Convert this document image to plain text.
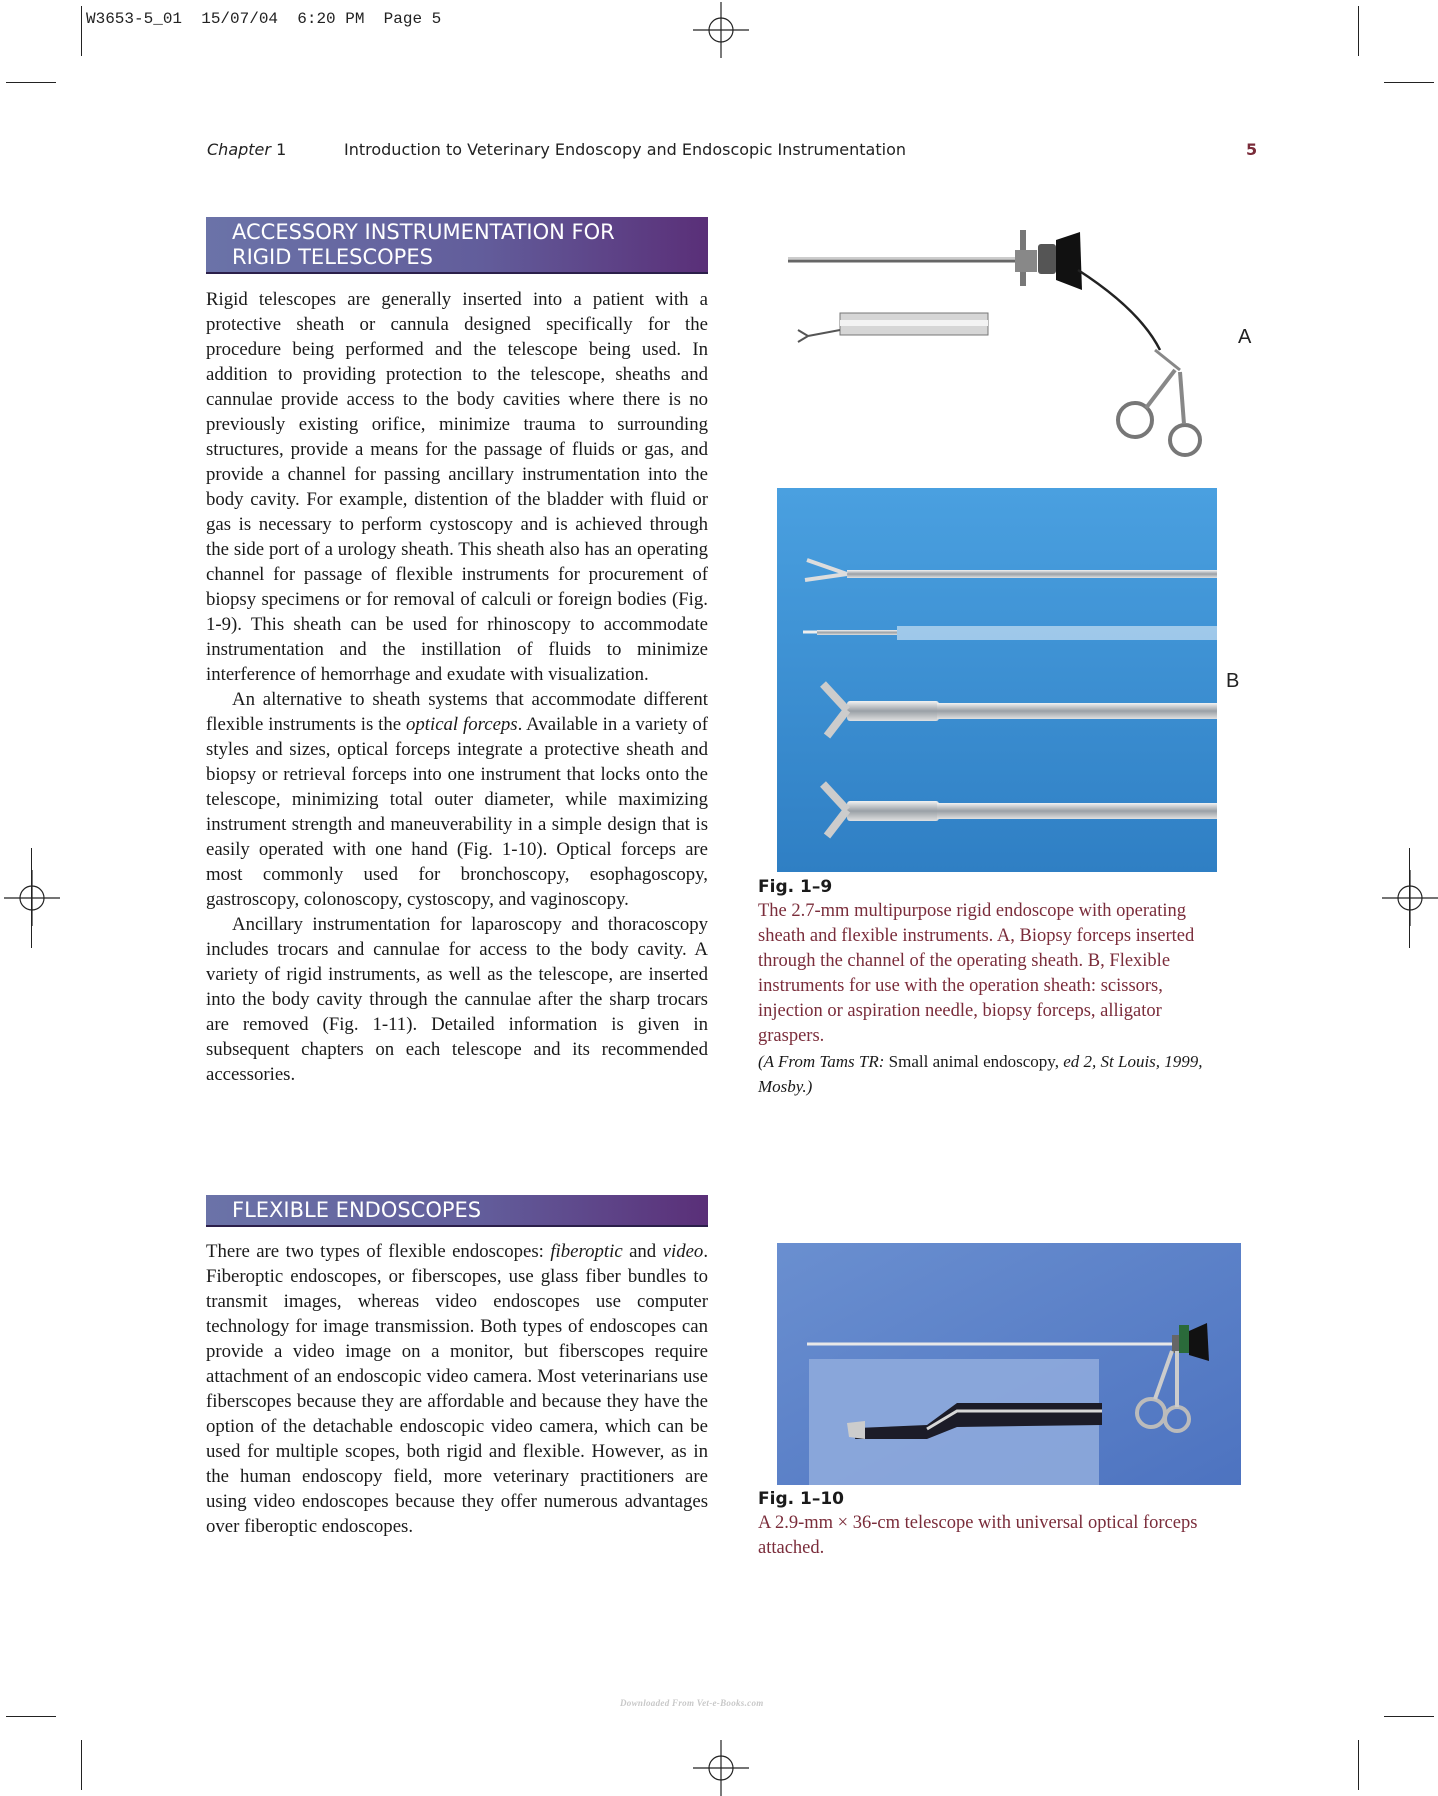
W3653-5_01  15/07/04  6:20 PM  Page 5
Chapter 1	Introduction to Veterinary Endoscopy and Endoscopic Instrumentation	5
ACCESSORY INSTRUMENTATION FOR
RIGID TELESCOPES

Rigid telescopes are generally inserted into a patient with a protective sheath or cannula designed specifically for the procedure being performed and the telescope being used. In addition to providing protection to the telescope, sheaths and cannulae provide access to the body cavities where there is no previously existing orifice, minimize trauma to surrounding structures, provide a means for the passage of fluids or gas, and provide a channel for passing ancillary instrumentation into the body cavity. For example, distention of the bladder with fluid or gas is necessary to perform cystoscopy and is achieved through the side port of a urology sheath. This sheath also has an operating channel for passage of flexible instruments for procurement of biopsy specimens or for removal of calculi or foreign bodies (Fig. 1-9). This sheath can be used for rhinoscopy to accommodate instrumentation and the instillation of fluids to minimize interference of hemorrhage and exudate with visualization.

An alternative to sheath systems that accommodate different flexible instruments is the optical forceps. Available in a variety of styles and sizes, optical forceps integrate a protective sheath and biopsy or retrieval forceps into one instrument that locks onto the telescope, minimizing total outer diameter, while maximizing instrument strength and maneuverability in a simple design that is easily operated with one hand (Fig. 1-10). Optical forceps are most commonly used for bronchoscopy, esophagoscopy, gastroscopy, colonoscopy, cystoscopy, and vaginoscopy.

Ancillary instrumentation for laparoscopy and thoracoscopy includes trocars and cannulae for access to the body cavity. A variety of rigid instruments, as well as the telescope, are inserted into the body cavity through the cannulae after the sharp trocars are removed (Fig. 1-11). Detailed information is given in subsequent chapters on each telescope and its recommended accessories.

FLEXIBLE ENDOSCOPES

There are two types of flexible endoscopes: fiberoptic and video. Fiberoptic endoscopes, or fiberscopes, use glass fiber bundles to transmit images, whereas video endoscopes use computer technology for image transmission. Both types of endoscopes can provide a video image on a monitor, but fiberscopes require attachment of an endoscopic video camera. Most veterinarians use fiberscopes because they are affordable and because they have the option of the detachable endoscopic video camera, which can be used for multiple scopes, both rigid and flexible. However, as in the human endoscopy field, more veterinary practitioners are using video endoscopes because they offer numerous advantages over fiberoptic endoscopes.

A
B
Fig. 1–9
The 2.7-mm multipurpose rigid endoscope with operating sheath and flexible instruments. A, Biopsy forceps inserted through the channel of the operating sheath. B, Flexible instruments for use with the operation sheath: scissors, injection or aspiration needle, biopsy forceps, alligator graspers.
(A From Tams TR: Small animal endoscopy, ed 2, St Louis, 1999, Mosby.)
Fig. 1–10
A 2.9-mm × 36-cm telescope with universal optical forceps attached.
Downloaded From Vet-e-Books.com
